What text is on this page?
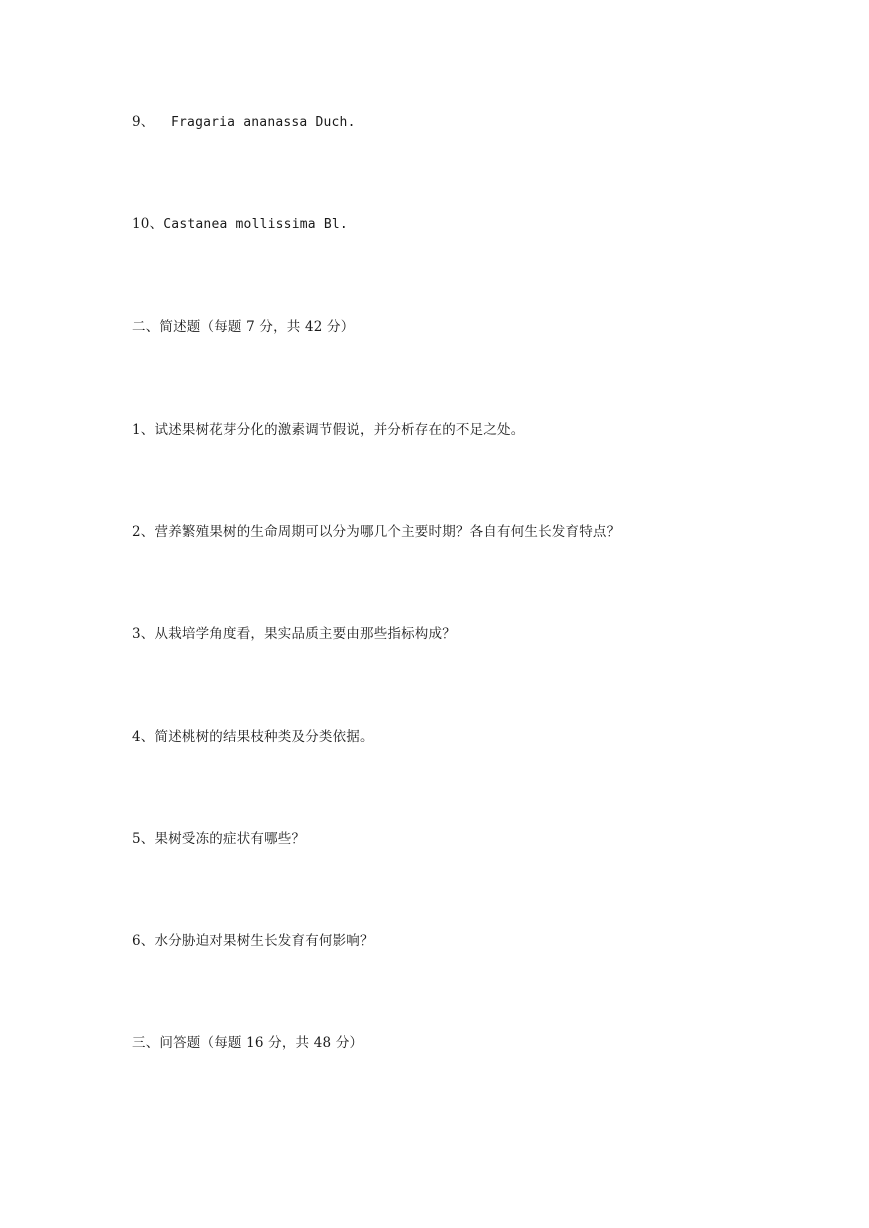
9、 Fragaria ananassa Duch.
10、Castanea mollissima Bl.
二、简述题（每题 7 分，共 42 分）
1、试述果树花芽分化的激素调节假说，并分析存在的不足之处。
2、营养繁殖果树的生命周期可以分为哪几个主要时期？各自有何生长发育特点？
3、从栽培学角度看，果实品质主要由那些指标构成？
4、简述桃树的结果枝种类及分类依据。
5、果树受冻的症状有哪些？
6、水分胁迫对果树生长发育有何影响？
三、问答题（每题 16 分，共 48 分）
